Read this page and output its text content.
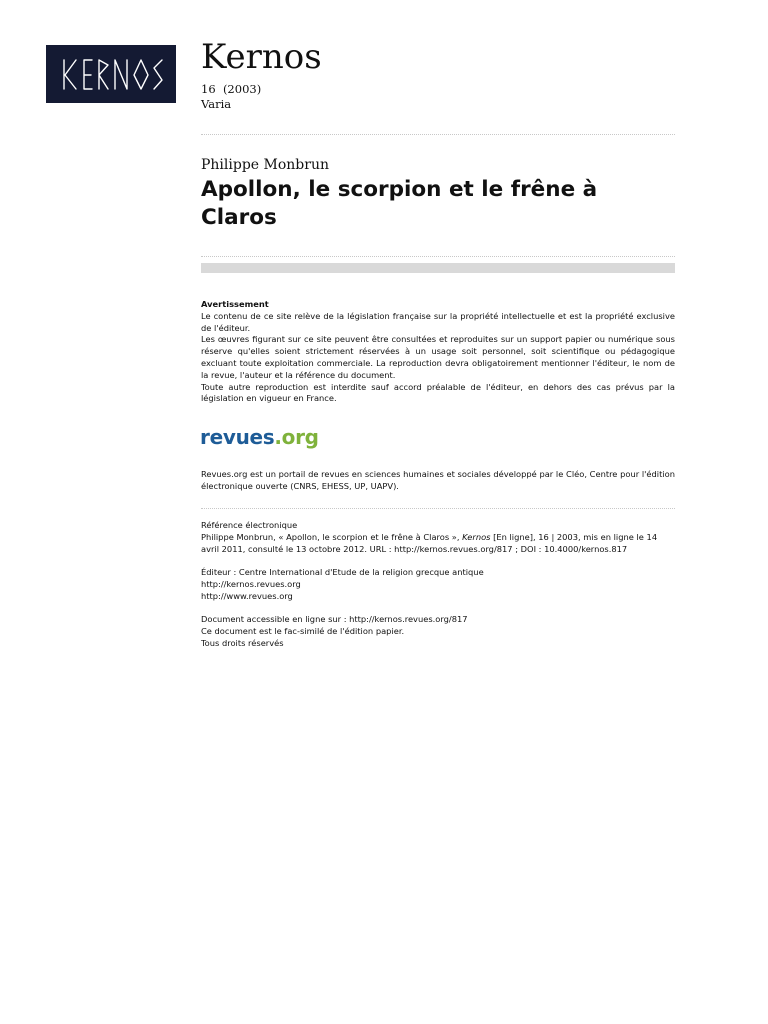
Kernos
16  (2003)
Varia
Philippe Monbrun
Apollon, le scorpion et le frêne à Claros

Avertissement

Le contenu de ce site relève de la législation française sur la propriété intellectuelle et est la propriété exclusive de l'éditeur.

Les œuvres figurant sur ce site peuvent être consultées et reproduites sur un support papier ou numérique sous réserve qu'elles soient strictement réservées à un usage soit personnel, soit scientifique ou pédagogique excluant toute exploitation commerciale. La reproduction devra obligatoirement mentionner l'éditeur, le nom de la revue, l'auteur et la référence du document.

Toute autre reproduction est interdite sauf accord préalable de l'éditeur, en dehors des cas prévus par la législation en vigueur en France.

revues.org

Revues.org est un portail de revues en sciences humaines et sociales développé par le Cléo, Centre pour l'édition électronique ouverte (CNRS, EHESS, UP, UAPV).

Référence électronique

Philippe Monbrun, « Apollon, le scorpion et le frêne à Claros », Kernos [En ligne], 16 | 2003, mis en ligne le 14 avril 2011, consulté le 13 octobre 2012. URL : http://kernos.revues.org/817 ; DOI : 10.4000/kernos.817

Éditeur : Centre International d'Etude de la religion grecque antique

http://kernos.revues.org

http://www.revues.org

Document accessible en ligne sur : http://kernos.revues.org/817

Ce document est le fac-similé de l'édition papier.

Tous droits réservés
